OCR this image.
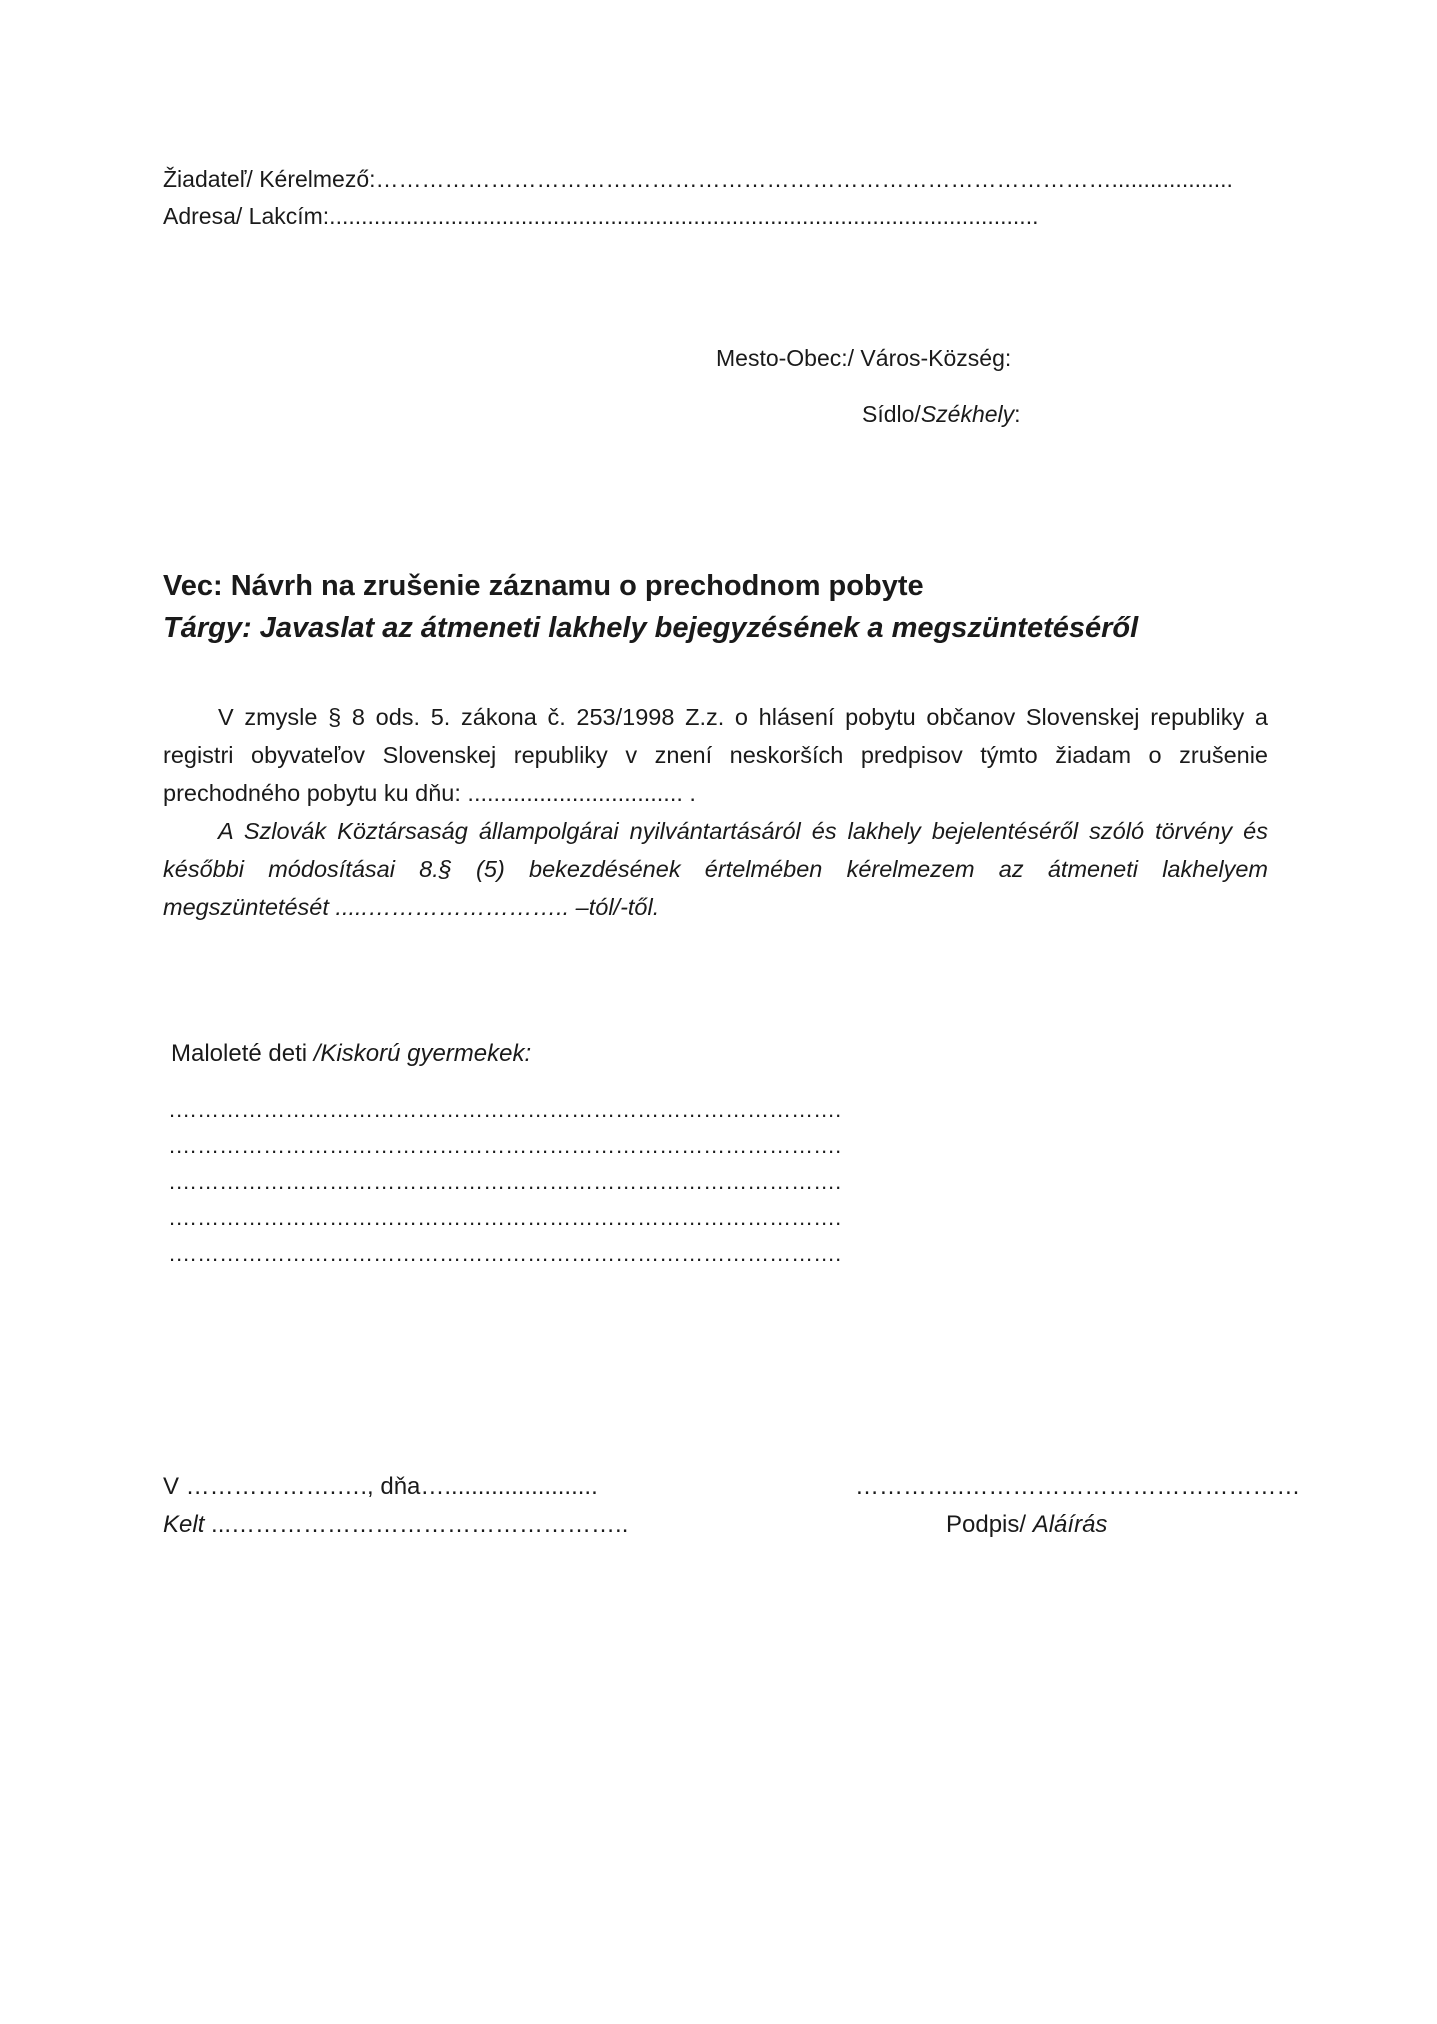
Žiadateľ/ Kérelmező:……………………………………………………………………………………...................
Adresa/ Lakcím:...............................................................................................................
Mesto-Obec:/ Város-Község:
Sídlo/Székhely:
Vec: Návrh na zrušenie záznamu o prechodnom pobyte
Tárgy: Javaslat az átmeneti lakhely bejegyzésének a megszüntetéséről

V zmysle § 8 ods. 5. zákona č. 253/1998 Z.z. o hlásení pobytu občanov Slovenskej republiky a registri obyvateľov Slovenskej republiky v znení neskorších predpisov týmto žiadam o zrušenie prechodného pobytu ku dňu: ................................. .

A Szlovák Köztársaság állampolgárai nyilvántartásáról és lakhely bejelentéséről szóló törvény és későbbi módosításai 8.§ (5) bekezdésének értelmében kérelmezem az átmeneti lakhelyem megszüntetését .....…………………….. –tól/-től.

Maloleté deti /Kiskorú gyermekek:
.……………………………………………………………………………….
.……………………………………………………………………………….
.……………………………………………………………………………….
.……………………………………………………………………………….
.……………………………………………………………………………….
V ……………….…., dňa….......................
Kelt ...…………………………………………..
…………..……………………………………
Podpis/ Aláírás
